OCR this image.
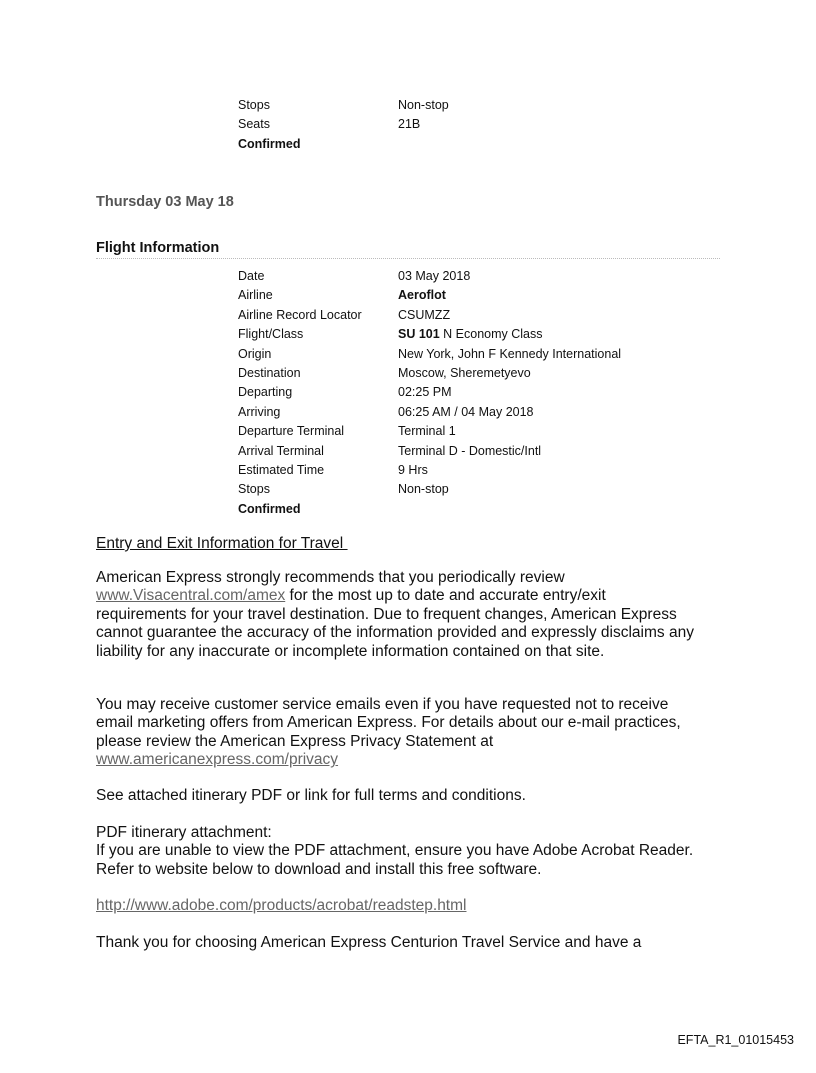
Stops	Non-stop
Seats	21B
Confirmed
Thursday 03 May 18
Flight Information
Date	03 May 2018
Airline	Aeroflot
Airline Record Locator	CSUMZZ
Flight/Class	SU 101 N Economy Class
Origin	New York, John F Kennedy International
Destination	Moscow, Sheremetyevo
Departing	02:25 PM
Arriving	06:25 AM / 04 May 2018
Departure Terminal	Terminal 1
Arrival Terminal	Terminal D - Domestic/Intl
Estimated Time	9 Hrs
Stops	Non-stop
Confirmed
Entry and Exit Information for Travel
American Express strongly recommends that you periodically review
www.Visacentral.com/amex for the most up to date and accurate entry/exit
requirements for your travel destination. Due to frequent changes, American Express
cannot guarantee the accuracy of the information provided and expressly disclaims any
liability for any inaccurate or incomplete information contained on that site.
You may receive customer service emails even if you have requested not to receive
email marketing offers from American Express. For details about our e-mail practices,
please review the American Express Privacy Statement at
www.americanexpress.com/privacy
See attached itinerary PDF or link for full terms and conditions.
PDF itinerary attachment:
If you are unable to view the PDF attachment, ensure you have Adobe Acrobat Reader.
Refer to website below to download and install this free software.
http://www.adobe.com/products/acrobat/readstep.html
Thank you for choosing American Express Centurion Travel Service and have a
EFTA_R1_01015453
